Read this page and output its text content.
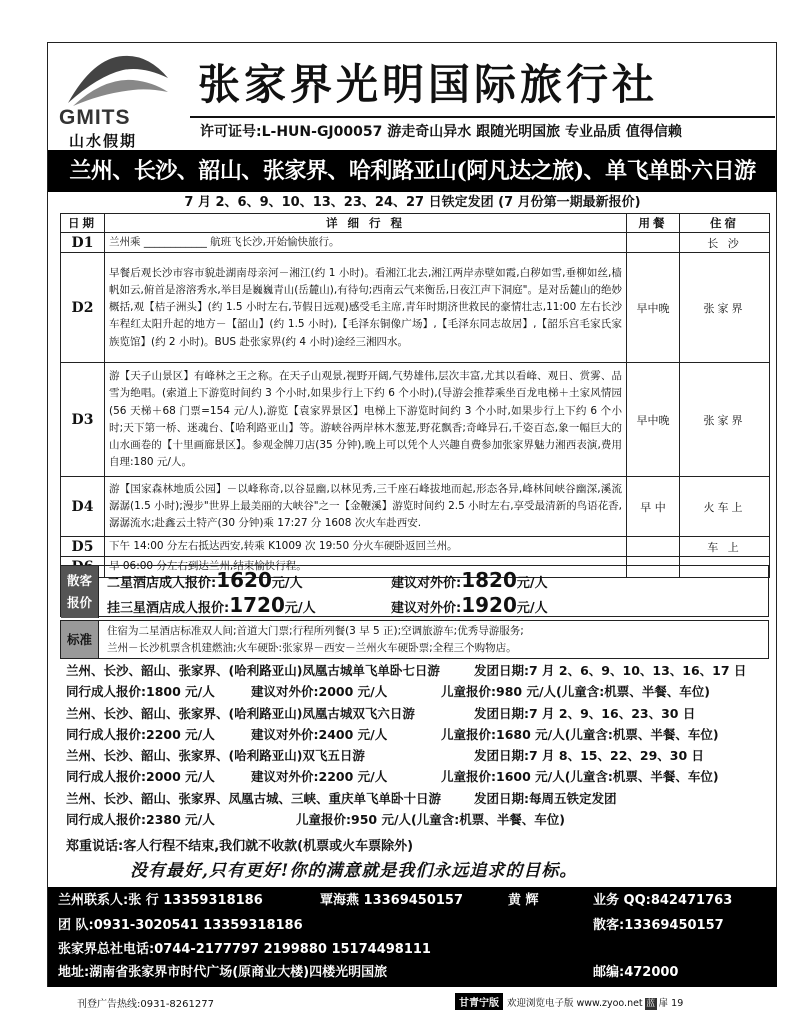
GMITS
山水假期
张家界光明国际旅行社
许可证号:L-HUN-GJ00057 游走奇山异水 跟随光明国旅 专业品质 值得信赖
兰州、长沙、韶山、张家界、哈利路亚山(阿凡达之旅)、单飞单卧六日游
7 月 2、6、9、10、13、23、24、27 日铁定发团 (7 月份第一期最新报价)
日期	详 细 行 程	用餐	住宿
D1	兰州乘 ____________ 航班飞长沙,开始愉快旅行。		长 沙
D2	早餐后观长沙市容市貌赴湖南母亲河－湘江(约 1 小时)。看湘江北去,湘江两岸赤壁如霞,白秽如雪,垂柳如丝,樯帆如云,俯首是溶溶秀水,举目是巍巍青山(岳麓山),有待句;西南云气来衡岳,日夜江声下洞庭"。是对岳麓山的绝妙概括,观【桔子洲头】(约 1.5 小时左右,节假日远观)感受毛主席,青年时期济世救民的豪情壮志,11:00 左右长沙车程红太阳升起的地方－【韶山】(约 1.5 小时),【毛泽东铜像广场】,【毛泽东同志故居】,【韶乐宫毛家氏家族览馆】(约 2 小时)。BUS 赴张家界(约 4 小时)途经三湘四水。	早中晚	张家界
D3	游【天子山景区】有峰林之王之称。在天子山观景,视野开阔,气势雄伟,层次丰富,尤其以看峰、观日、赏雾、品雪为绝唱。(索道上下游览时间约 3 个小时,如果步行上下约 6 个小时),(导游会推荐乘坐百龙电梯＋土家风情园(56 天梯＋68 门票=154 元/人),游览【袁家界景区】电梯上下游览时间约 3 个小时,如果步行上下约 6 个小时;天下第一桥、迷魂台、【哈利路亚山】等。游峡谷两岸林木葱茏,野花飘香;奇峰异石,千姿百态,象一幅巨大的山水画卷的【十里画廊景区】。参观金牌刀店(35 分钟),晚上可以凭个人兴趣自费参加张家界魅力湘西表演,费用自理:180 元/人。	早中晚	张家界
D4	游【国家森林地质公园】－以峰称奇,以谷显幽,以林见秀,三千座石峰拔地而起,形态各异,峰林间峡谷幽深,溪流潺潺(1.5 小时);漫步"世界上最美丽的大峡谷"之一【金鞭溪】游览时间约 2.5 小时左右,享受最清新的鸟语花香,潺潺流水;赴鑫云土特产(30 分钟)乘 17:27 分 1608 次火车赴西安.	早 中	火车上
D5	下午 14:00 分左右抵达西安,转乘 K1009 次 19:50 分火车硬卧返回兰州。		车 上
	早 06:00 分左右到达兰州,结束愉快行程。		
散客
报价
二星酒店成人报价:1620元/人	建议对外价:1820元/人
挂三星酒店成人报价:1720元/人	建议对外价:1920元/人
标准
住宿为二星酒店标准双人间;首道大门票;行程所列餐(3 早 5 正);空调旅游车;优秀导游服务;
兰州－长沙机票含机建燃油;火车硬卧:张家界－西安－兰州火车硬卧票;全程三个购物店。
兰州、长沙、韶山、张家界、(哈利路亚山)凤凰古城单飞单卧七日游	发团日期:7 月 2、6、9、10、13、16、17 日
同行成人报价:1800 元/人	建议对外价:2000 元/人	儿童报价:980 元/人(儿童含:机票、半餐、车位)
兰州、长沙、韶山、张家界、(哈利路亚山)凤凰古城双飞六日游	发团日期:7 月 2、9、16、23、30 日
同行成人报价:2200 元/人	建议对外价:2400 元/人	儿童报价:1680 元/人(儿童含:机票、半餐、车位)
兰州、长沙、韶山、张家界、(哈利路亚山)双飞五日游	发团日期:7 月 8、15、22、29、30 日
同行成人报价:2000 元/人	建议对外价:2200 元/人	儿童报价:1600 元/人(儿童含:机票、半餐、车位)
兰州、长沙、韶山、张家界、凤凰古城、三峡、重庆单飞单卧十日游	发团日期:每周五铁定发团
同行成人报价:2380 元/人	儿童报价:950 元/人(儿童含:机票、半餐、车位)
郑重说话:客人行程不结束,我们就不收款(机票或火车票除外)
没有最好,只有更好!你的满意就是我们永远追求的目标。
兰州联系人:张 行 13359318186	覃海燕 13369450157	黄 辉	业务 QQ:842471763
团 队:0931-3020541 13359318186	散客:13369450157
张家界总社电话:0744-2177797 2199880 15174498111
地址:湖南省张家界市时代广场(原商业大楼)四楼光明国旅	邮编:472000
刊登广告热线:0931-8261277	甘青宁版 欢迎浏览电子版 www.zyoo.net 蓝 扉 19
